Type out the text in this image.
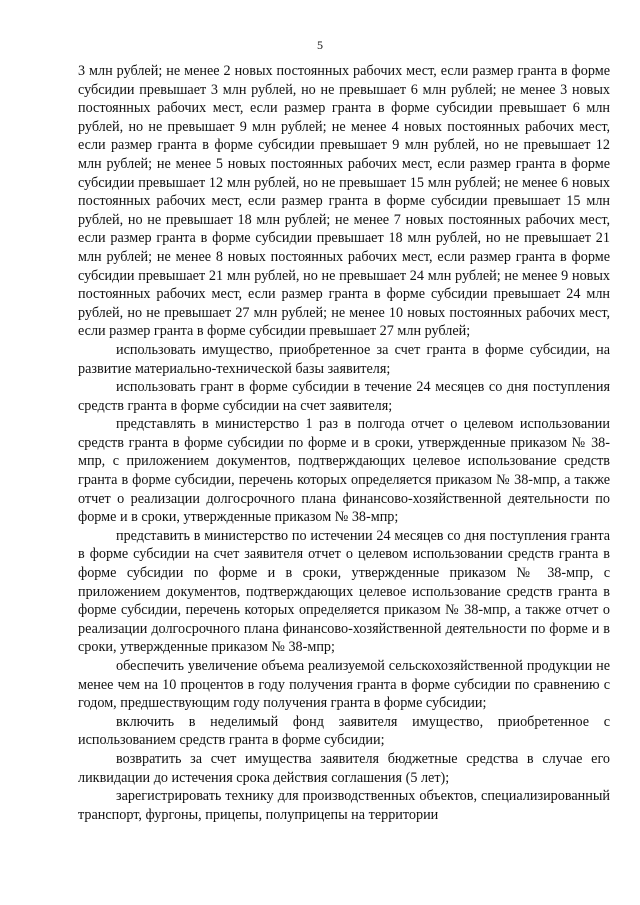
5

3 млн рублей; не менее 2 новых постоянных рабочих мест, если размер гранта в форме субсидии превышает 3 млн рублей, но не превышает 6 млн рублей; не менее 3 новых постоянных рабочих мест, если размер гранта в форме субсидии превышает 6 млн рублей, но не превышает 9 млн рублей; не менее 4 новых постоянных рабочих мест, если размер гранта в форме субсидии превышает 9 млн рублей, но не превышает 12 млн рублей; не менее 5 новых постоянных рабочих мест, если размер гранта в форме субсидии превышает 12 млн рублей, но не превышает 15 млн рублей; не менее 6 новых постоянных рабочих мест, если размер гранта в форме субсидии превышает 15 млн рублей, но не превышает 18 млн рублей; не менее 7 новых постоянных рабочих мест, если размер гранта в форме субсидии превышает 18 млн рублей, но не превышает 21 млн рублей; не менее 8 новых постоянных рабочих мест, если размер гранта в форме субсидии превышает 21 млн рублей, но не превышает 24 млн рублей; не менее 9 новых постоянных рабочих мест, если размер гранта в форме субсидии превышает 24 млн рублей, но не превышает 27 млн рублей; не менее 10 новых постоянных рабочих мест, если размер гранта в форме субсидии превышает 27 млн рублей;

использовать имущество, приобретенное за счет гранта в форме субсидии, на развитие материально-технической базы заявителя;

использовать грант в форме субсидии в течение 24 месяцев со дня поступления средств гранта в форме субсидии на счет заявителя;

представлять в министерство 1 раз в полгода отчет о целевом использовании средств гранта в форме субсидии по форме и в сроки, утвержденные приказом № 38-мпр, с приложением документов, подтверждающих целевое использование средств гранта в форме субсидии, перечень которых определяется приказом № 38-мпр, а также отчет о реализации долгосрочного плана финансово-хозяйственной деятельности по форме и в сроки, утвержденные приказом № 38-мпр;

представить в министерство по истечении 24 месяцев со дня поступления гранта в форме субсидии на счет заявителя отчет о целевом использовании средств гранта в форме субсидии по форме и в сроки, утвержденные приказом № 38-мпр, с приложением документов, подтверждающих целевое использование средств гранта в форме субсидии, перечень которых определяется приказом № 38-мпр, а также отчет о реализации долгосрочного плана финансово-хозяйственной деятельности по форме и в сроки, утвержденные приказом № 38-мпр;

обеспечить увеличение объема реализуемой сельскохозяйственной продукции не менее чем на 10 процентов в году получения гранта в форме субсидии по сравнению с годом, предшествующим году получения гранта в форме субсидии;

включить в неделимый фонд заявителя имущество, приобретенное с использованием средств гранта в форме субсидии;

возвратить за счет имущества заявителя бюджетные средства в случае его ликвидации до истечения срока действия соглашения (5 лет);

зарегистрировать технику для производственных объектов, специализированный транспорт, фургоны, прицепы, полуприцепы на территории
